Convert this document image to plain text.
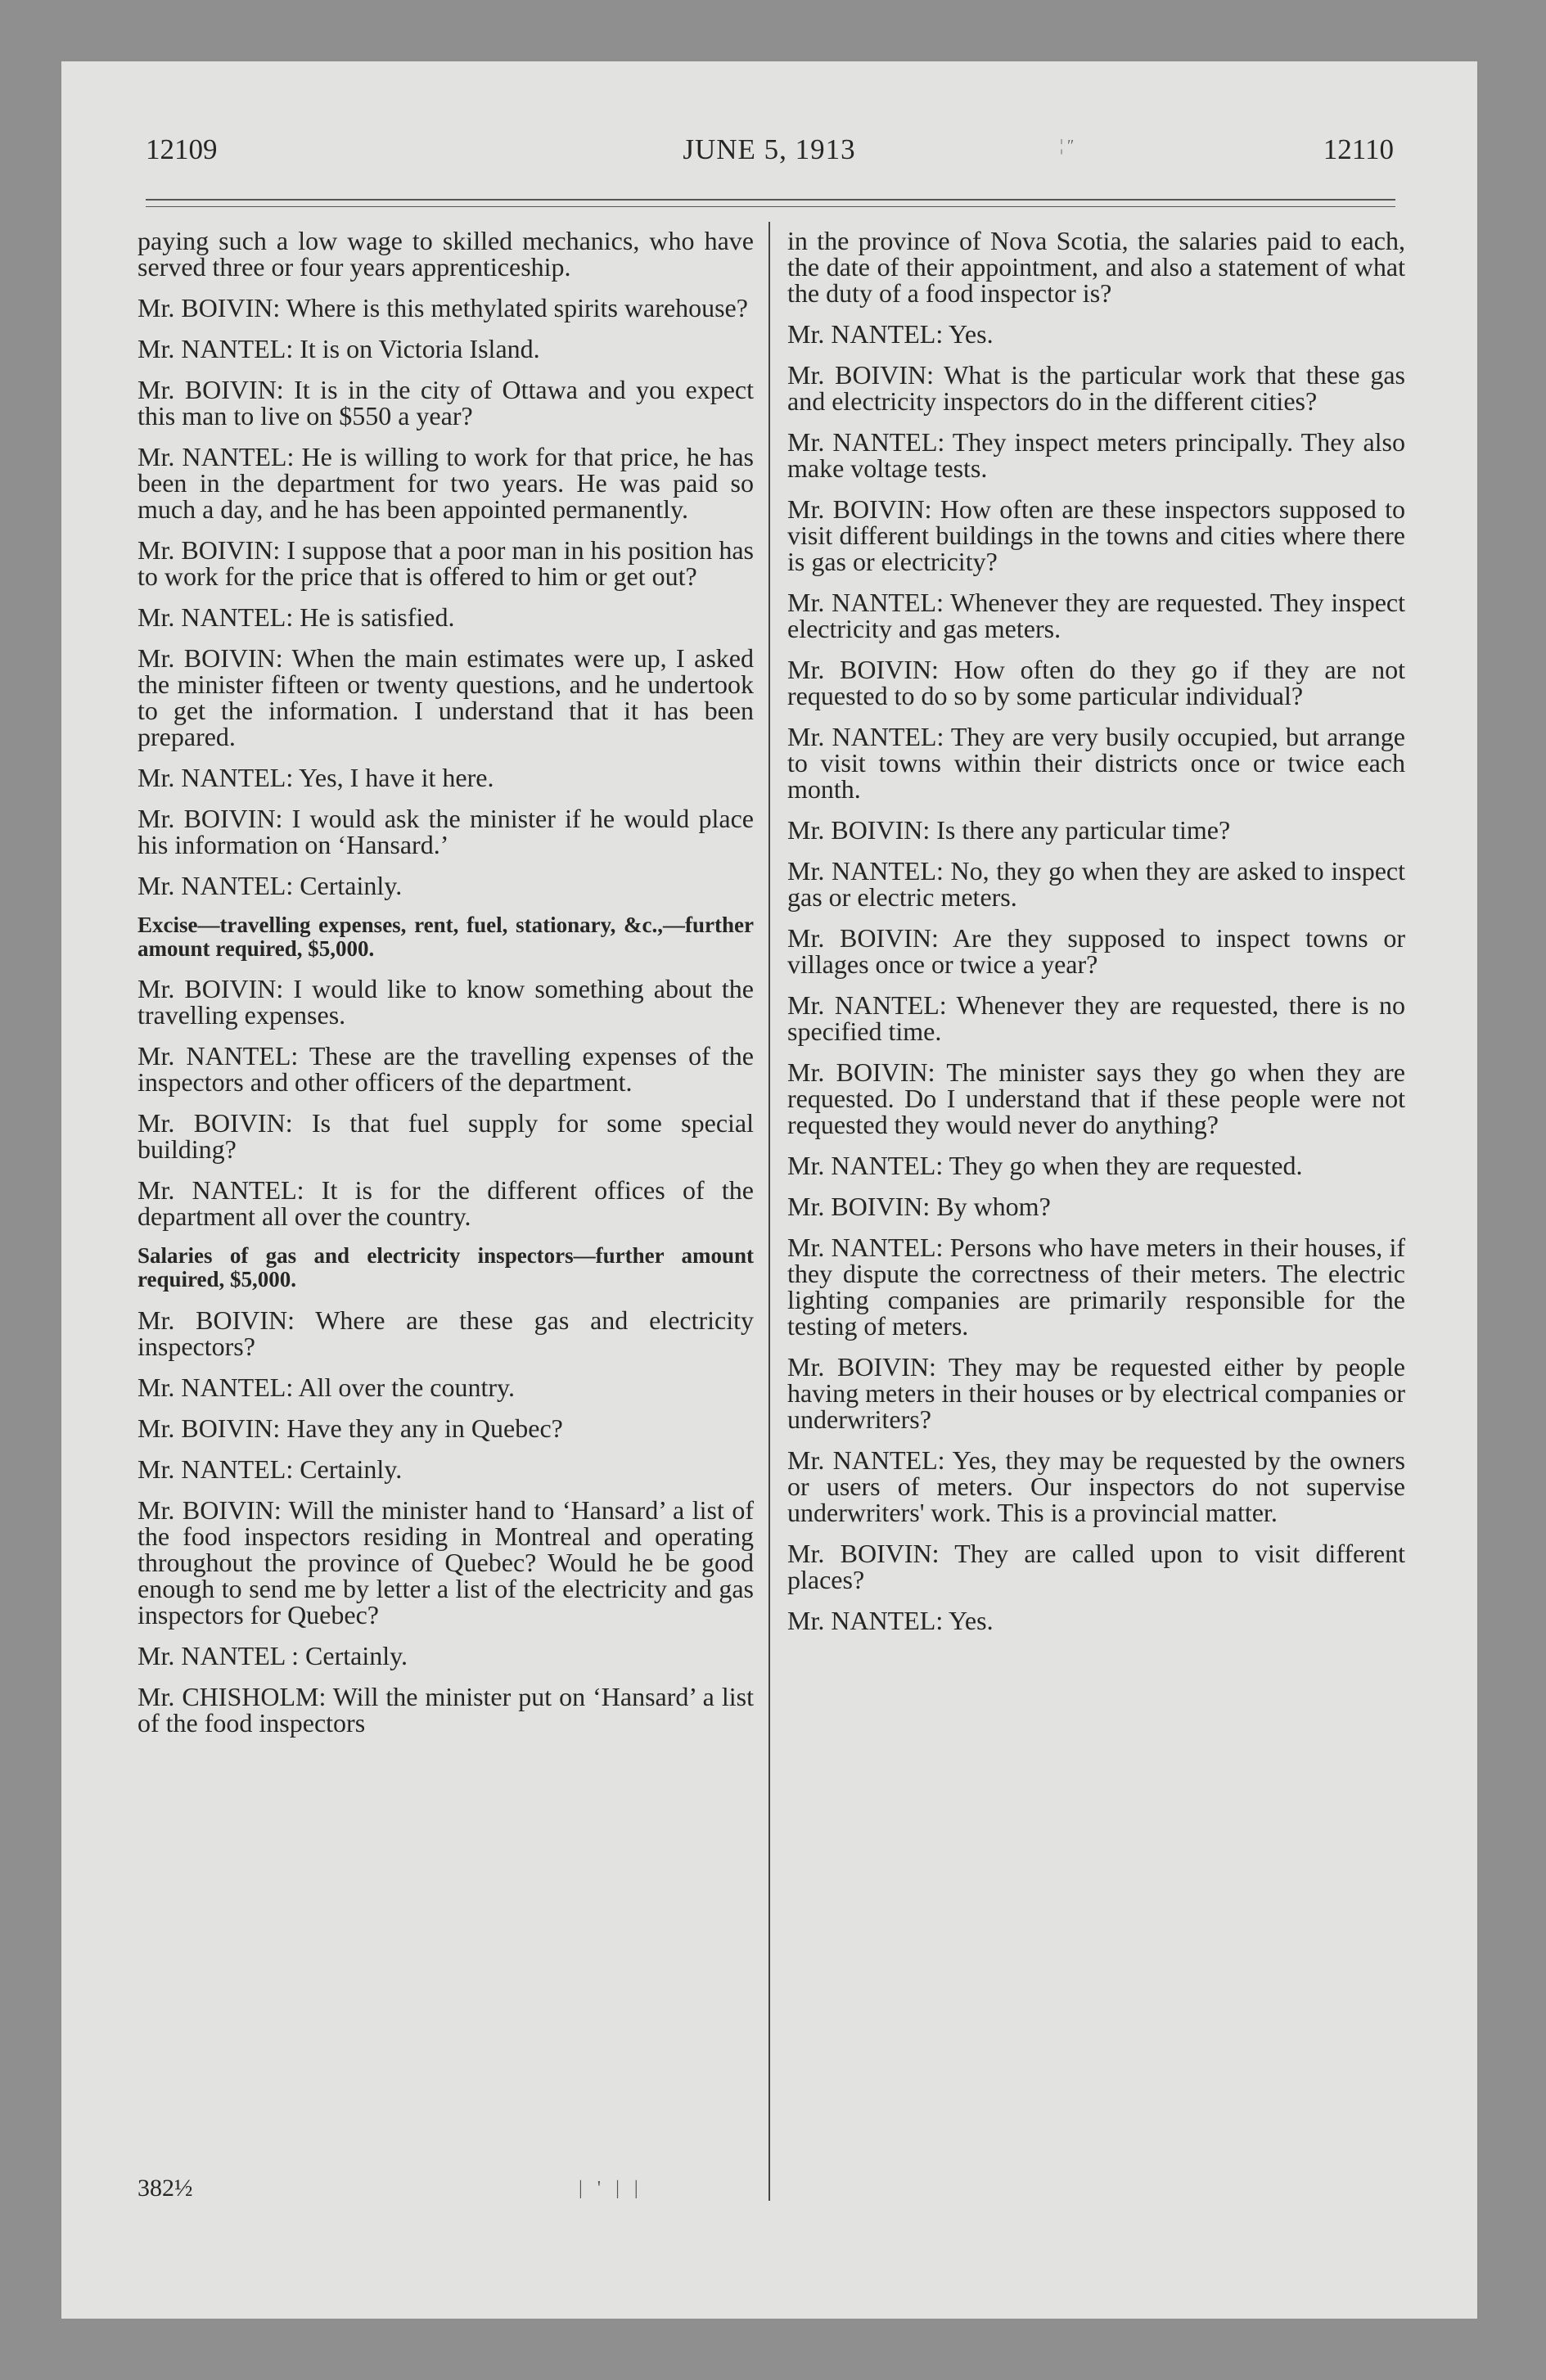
12109	JUNE 5, 1913	¦ ″	12110

paying such a low wage to skilled mechanics, who have served three or four years apprenticeship.

Mr. BOIVIN: Where is this methylated spirits warehouse?

Mr. NANTEL: It is on Victoria Island.

Mr. BOIVIN: It is in the city of Ottawa and you expect this man to live on $550 a year?

Mr. NANTEL: He is willing to work for that price, he has been in the department for two years. He was paid so much a day, and he has been appointed permanently.

Mr. BOIVIN: I suppose that a poor man in his position has to work for the price that is offered to him or get out?

Mr. NANTEL: He is satisfied.

Mr. BOIVIN: When the main estimates were up, I asked the minister fifteen or twenty questions, and he undertook to get the information. I understand that it has been prepared.

Mr. NANTEL: Yes, I have it here.

Mr. BOIVIN: I would ask the minister if he would place his information on ‘Hansard.’

Mr. NANTEL: Certainly.

Excise—travelling expenses, rent, fuel, stationary, &c.,—further amount required, $5,000.

Mr. BOIVIN: I would like to know something about the travelling expenses.

Mr. NANTEL: These are the travelling expenses of the inspectors and other officers of the department.

Mr. BOIVIN: Is that fuel supply for some special building?

Mr. NANTEL: It is for the different offices of the department all over the country.

Salaries of gas and electricity inspectors—further amount required, $5,000.

Mr. BOIVIN: Where are these gas and electricity inspectors?

Mr. NANTEL: All over the country.

Mr. BOIVIN: Have they any in Quebec?

Mr. NANTEL: Certainly.

Mr. BOIVIN: Will the minister hand to ‘Hansard’ a list of the food inspectors residing in Montreal and operating throughout the province of Quebec? Would he be good enough to send me by letter a list of the electricity and gas inspectors for Quebec?

Mr. NANTEL : Certainly.

Mr. CHISHOLM: Will the minister put on ‘Hansard’ a list of the food inspectors

in the province of Nova Scotia, the salaries paid to each, the date of their appointment, and also a statement of what the duty of a food inspector is?

Mr. NANTEL: Yes.

Mr. BOIVIN: What is the particular work that these gas and electricity inspectors do in the different cities?

Mr. NANTEL: They inspect meters principally. They also make voltage tests.

Mr. BOIVIN: How often are these inspectors supposed to visit different buildings in the towns and cities where there is gas or electricity?

Mr. NANTEL: Whenever they are requested. They inspect electricity and gas meters.

Mr. BOIVIN: How often do they go if they are not requested to do so by some particular individual?

Mr. NANTEL: They are very busily occupied, but arrange to visit towns within their districts once or twice each month.

Mr. BOIVIN: Is there any particular time?

Mr. NANTEL: No, they go when they are asked to inspect gas or electric meters.

Mr. BOIVIN: Are they supposed to inspect towns or villages once or twice a year?

Mr. NANTEL: Whenever they are requested, there is no specified time.

Mr. BOIVIN: The minister says they go when they are requested. Do I understand that if these people were not requested they would never do anything?

Mr. NANTEL: They go when they are requested.

Mr. BOIVIN: By whom?

Mr. NANTEL: Persons who have meters in their houses, if they dispute the correctness of their meters. The electric lighting companies are primarily responsible for the testing of meters.

Mr. BOIVIN: They may be requested either by people having meters in their houses or by electrical companies or underwriters?

Mr. NANTEL: Yes, they may be requested by the owners or users of meters. Our inspectors do not supervise underwriters' work. This is a provincial matter.

Mr. BOIVIN: They are called upon to visit different places?

Mr. NANTEL: Yes.

382½	| ' | |
